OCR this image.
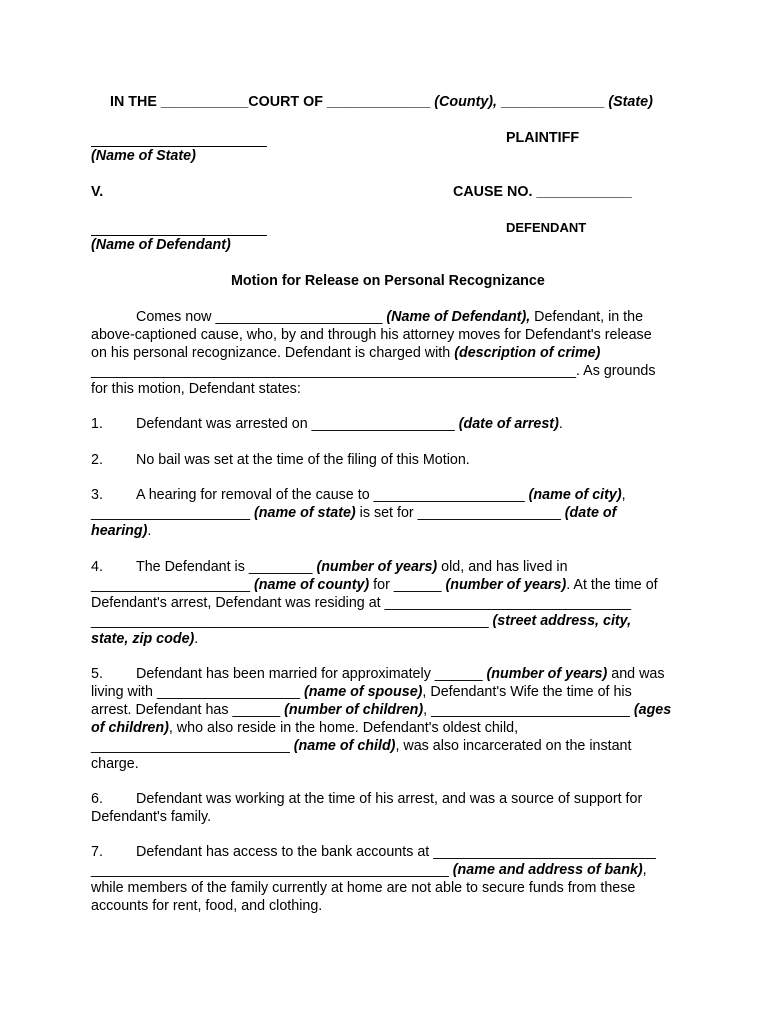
IN THE ___________COURT OF _____________ (County), _____________ (State)
PLAINTIFF
(Name of State)
V.	CAUSE NO. ____________
DEFENDANT
(Name of Defendant)
Motion for Release on Personal Recognizance
Comes now _____________________ (Name of Defendant), Defendant, in the
above-captioned cause, who, by and through his attorney moves for Defendant's release
on his personal recognizance. Defendant is charged with (description of crime)
_____________________________________________________________. As grounds
for this motion, Defendant states:
1. Defendant was arrested on __________________ (date of arrest).
2. No bail was set at the time of the filing of this Motion.
3. A hearing for removal of the cause to ___________________ (name of city),
____________________ (name of state) is set for __________________ (date of
hearing).
4. The Defendant is ________ (number of years) old, and has lived in
____________________ (name of county) for ______ (number of years). At the time of
Defendant's arrest, Defendant was residing at _______________________________
__________________________________________________ (street address, city,
state, zip code).
5. Defendant has been married for approximately ______ (number of years) and was
living with __________________ (name of spouse), Defendant's Wife the time of his
arrest. Defendant has ______ (number of children), _________________________ (ages
of children), who also reside in the home. Defendant's oldest child,
_________________________ (name of child), was also incarcerated on the instant
charge.
6. Defendant was working at the time of his arrest, and was a source of support for
Defendant's family.
7. Defendant has access to the bank accounts at ____________________________
_____________________________________________ (name and address of bank),
while members of the family currently at home are not able to secure funds from these
accounts for rent, food, and clothing.
